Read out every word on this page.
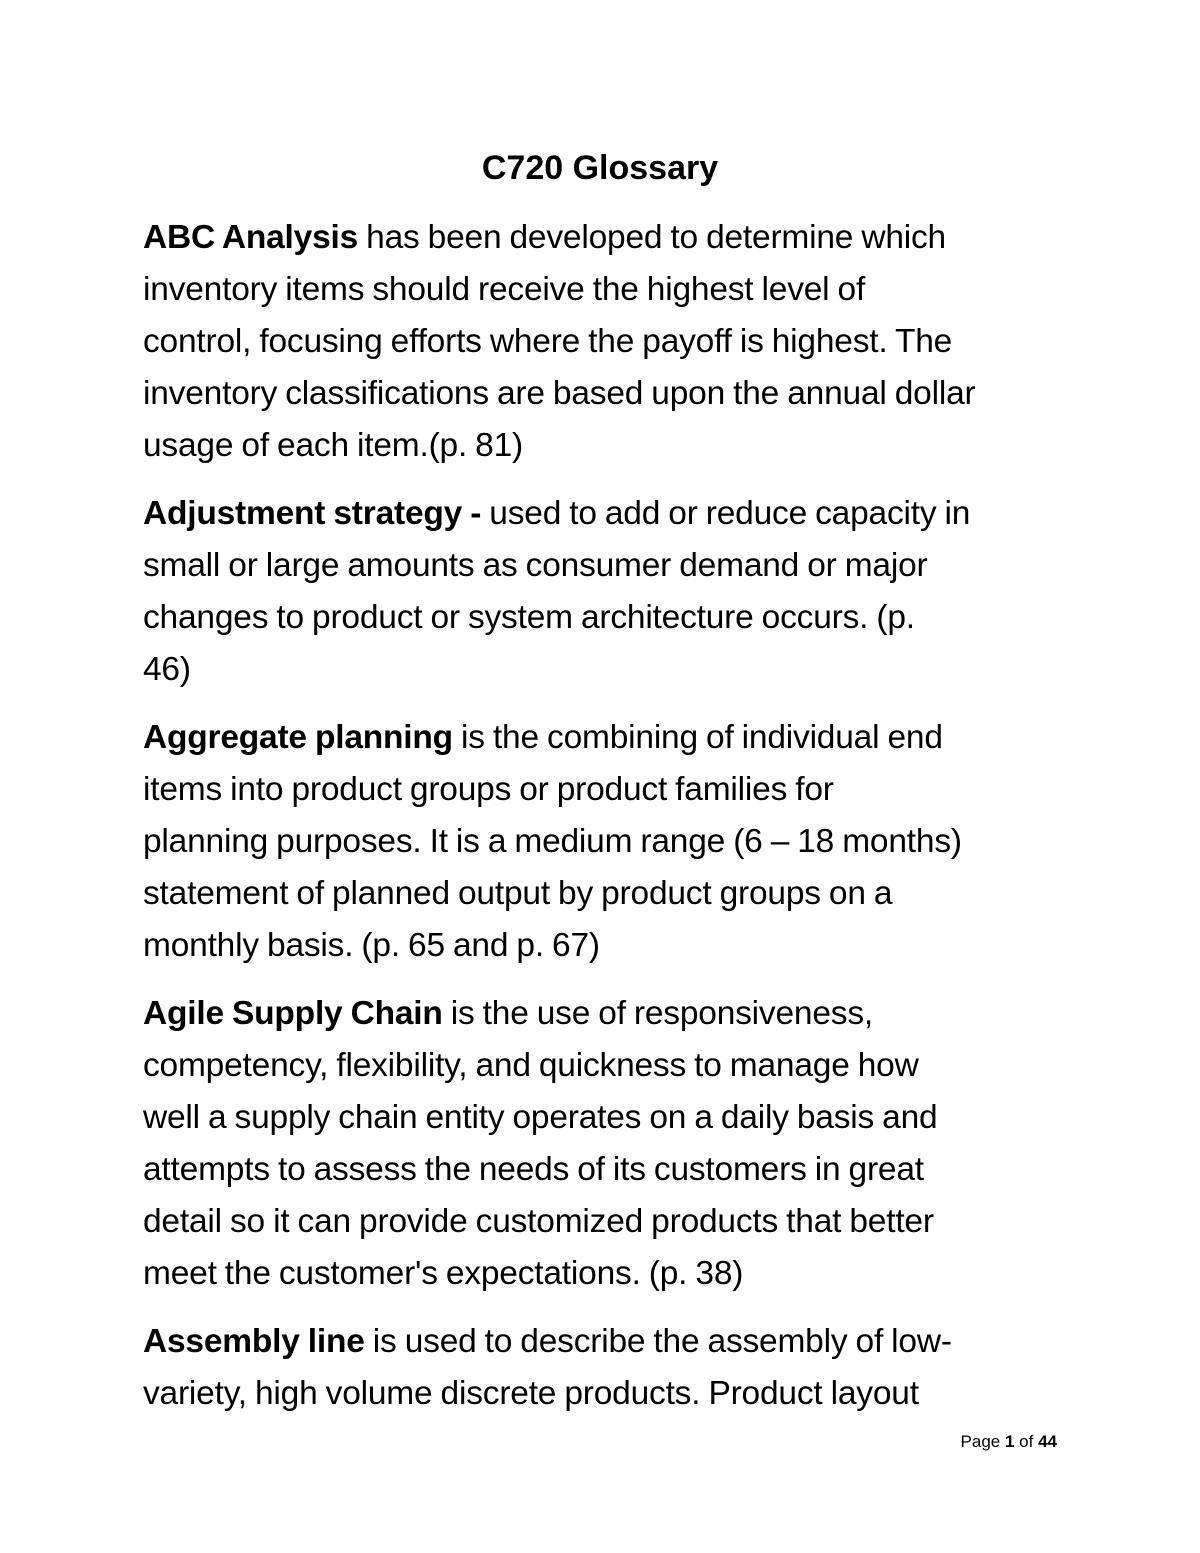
C720 Glossary

ABC Analysis has been developed to determine which
inventory items should receive the highest level of
control, focusing efforts where the payoff is highest. The
inventory classifications are based upon the annual dollar
usage of each item.(p. 81)

Adjustment strategy - used to add or reduce capacity in
small or large amounts as consumer demand or major
changes to product or system architecture occurs. (p.
46)

Aggregate planning is the combining of individual end
items into product groups or product families for
planning purposes. It is a medium range (6 – 18 months)
statement of planned output by product groups on a
monthly basis. (p. 65 and p. 67)

Agile Supply Chain is the use of responsiveness,
competency, flexibility, and quickness to manage how
well a supply chain entity operates on a daily basis and
attempts to assess the needs of its customers in great
detail so it can provide customized products that better
meet the customer's expectations. (p. 38)

Assembly line is used to describe the assembly of low-
variety, high volume discrete products. Product layout

Page 1 of 44
